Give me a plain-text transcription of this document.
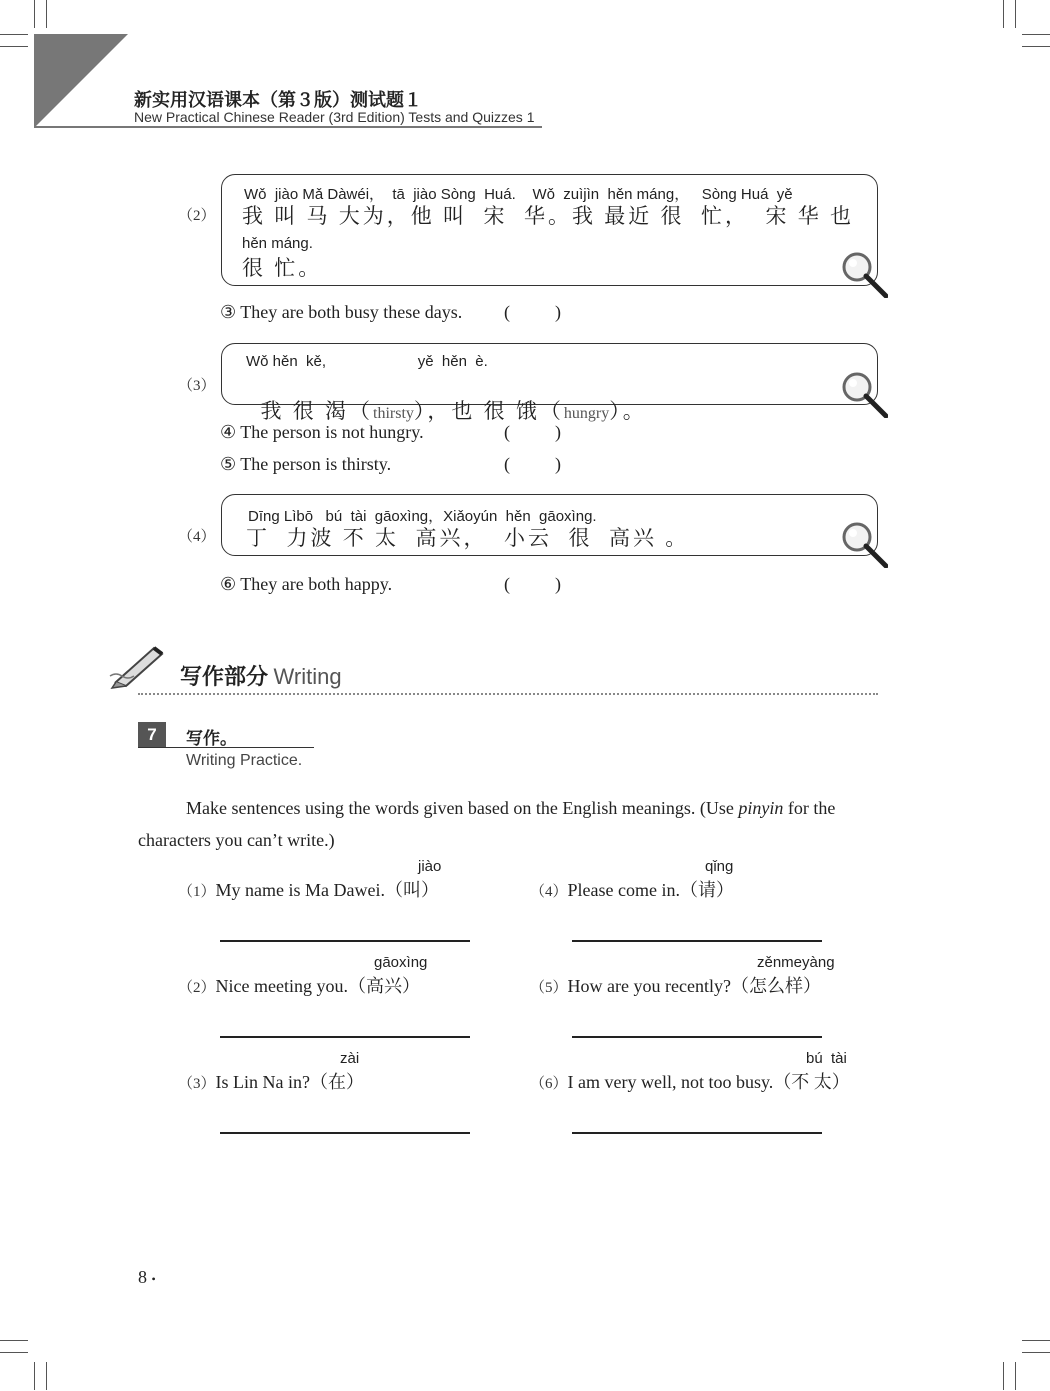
新实用汉语课本（第３版）测试题１
New Practical Chinese Reader (3rd Edition) Tests and Quizzes 1
（2）
Wǒ  jiào Mǎ Dàwéi，  tā  jiào Sòng  Huá.    Wǒ  zuìjìn  hěn máng，   Sòng Huá  yě
我 叫 马 大为，他 叫  宋  华。我 最近 很  忙，  宋 华 也
hěn máng.
很 忙。
③ They are both busy these days. (          )
（3）
Wǒ hěn  kě,                      yě  hěn  è.

我 很 渴（thirsty），也 很 饿（hungry）。

④ The person is not hungry.	(          )
⑤ The person is thirsty.	(          )
（4）
Dīng Lìbō   bú  tài  gāoxìng，Xiǎoyún  hěn  gāoxìng.
丁  力波 不 太  高兴，  小云  很  高兴 。
⑥ They are both happy.	(          )
写作部分 Writing
7	写作。
Writing Practice.
Make sentences using the words given based on the English meanings. (Use pinyin for the characters you can’t write.)
jiào
（1）My name is Ma Dawei.（叫）
qǐng
（4）Please come in.（请）
gāoxìng
（2）Nice meeting you.（高兴）
zěnmeyàng
（5）How are you recently?（怎么样）
zài
（3）Is Lin Na in?（在）
bú  tài
（6）I am very well, not too busy.（不 太）
8 •
